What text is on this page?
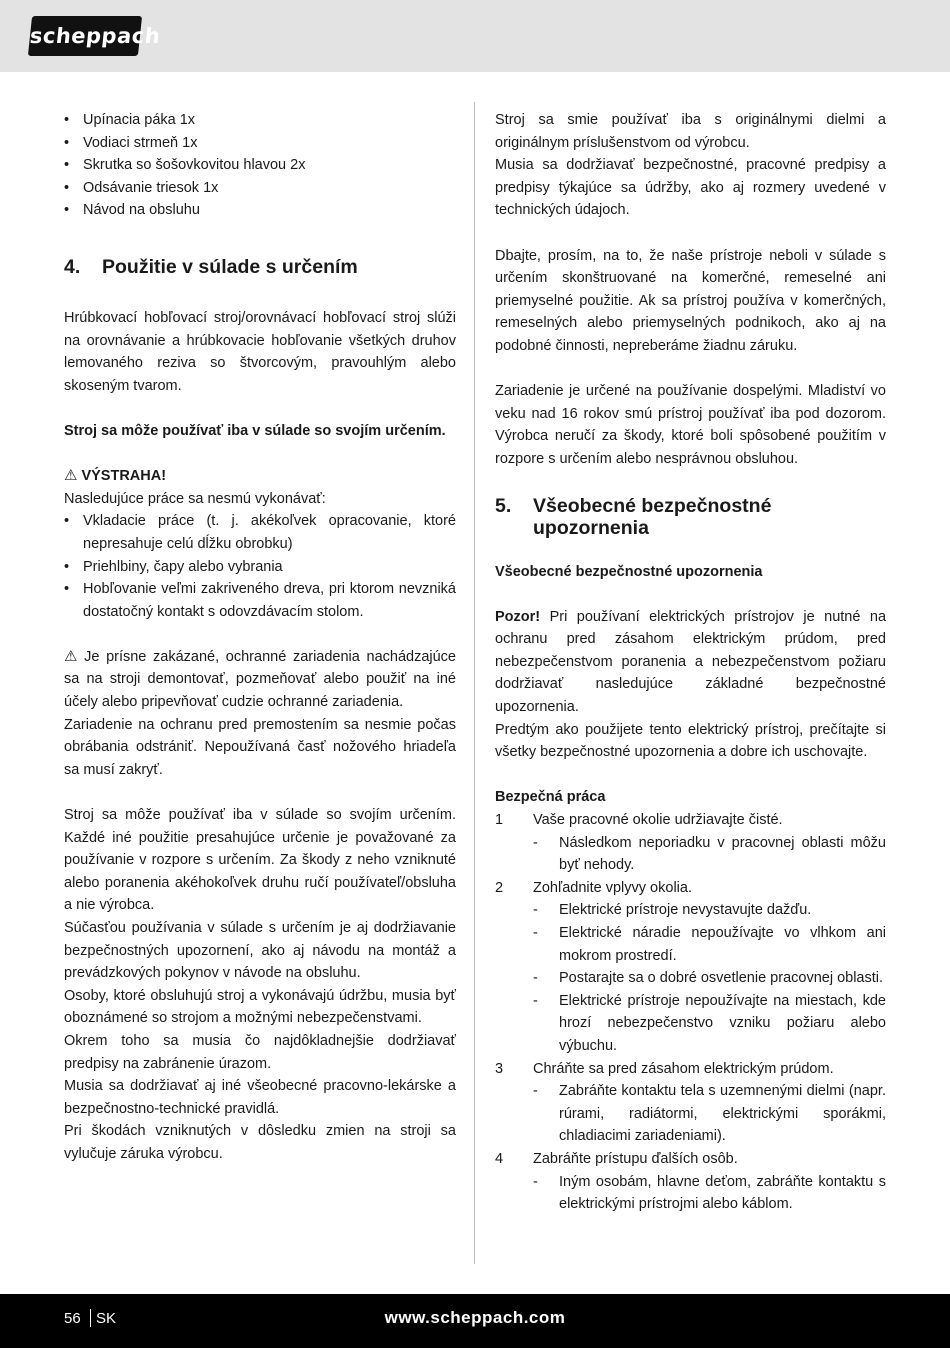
scheppach
• Upínacia páka 1x
• Vodiaci strmeň 1x
• Skrutka so šošovkovitou hlavou 2x
• Odsávanie triesok 1x
• Návod na obsluhu
4.	Použitie v súlade s určením

Hrúbkovací hobľovací stroj/orovnávací hobľovací stroj slúži na orovnávanie a hrúbkovacie hobľovanie všetkých druhov lemovaného reziva so štvorcovým, pravouhlým alebo skoseným tvarom.

Stroj sa môže používať iba v súlade so svojím určením.

⚠ VÝSTRAHA!

Nasledujúce práce sa nesmú vykonávať:

• Vkladacie práce (t. j. akékoľvek opracovanie, ktoré nepresahuje celú dĺžku obrobku)
• Priehlbiny, čapy alebo vybrania
• Hobľovanie veľmi zakriveného dreva, pri ktorom nevzniká dostatočný kontakt s odovzdávacím stolom.

⚠ Je prísne zakázané, ochranné zariadenia nachádzajúce sa na stroji demontovať, pozmeňovať alebo použiť na iné účely alebo pripevňovať cudzie ochranné zariadenia.

Zariadenie na ochranu pred premostením sa nesmie počas obrábania odstrániť. Nepoužívaná časť nožového hriadeľa sa musí zakryť.

Stroj sa môže používať iba v súlade so svojím určením. Každé iné použitie presahujúce určenie je považované za používanie v rozpore s určením. Za škody z neho vzniknuté alebo poranenia akéhokoľvek druhu ručí používateľ/obsluha a nie výrobca.

Súčasťou používania v súlade s určením je aj dodržiavanie bezpečnostných upozornení, ako aj návodu na montáž a prevádzkových pokynov v návode na obsluhu.

Osoby, ktoré obsluhujú stroj a vykonávajú údržbu, musia byť oboznámené so strojom a možnými nebezpečenstvami.

Okrem toho sa musia čo najdôkladnejšie dodržiavať predpisy na zabránenie úrazom.

Musia sa dodržiavať aj iné všeobecné pracovno-lekárske a bezpečnostno-technické pravidlá.

Pri škodách vzniknutých v dôsledku zmien na stroji sa vylučuje záruka výrobcu.

Stroj sa smie používať iba s originálnymi dielmi a originálnym príslušenstvom od výrobcu.

Musia sa dodržiavať bezpečnostné, pracovné predpisy a predpisy týkajúce sa údržby, ako aj rozmery uvedené v technických údajoch.

Dbajte, prosím, na to, že naše prístroje neboli v súlade s určením skonštruované na komerčné, remeselné ani priemyselné použitie. Ak sa prístroj používa v komerčných, remeselných alebo priemyselných podnikoch, ako aj na podobné činnosti, nepreberáme žiadnu záruku.

Zariadenie je určené na používanie dospelými. Mladiství vo veku nad 16 rokov smú prístroj používať iba pod dozorom. Výrobca neručí za škody, ktoré boli spôsobené použitím v rozpore s určením alebo nesprávnou obsluhou.

5.	Všeobecné bezpečnostné upozornenia

Všeobecné bezpečnostné upozornenia

Pozor! Pri používaní elektrických prístrojov je nutné na ochranu pred zásahom elektrickým prúdom, pred nebezpečenstvom poranenia a nebezpečenstvom požiaru dodržiavať nasledujúce základné bezpečnostné upozornenia.

Predtým ako použijete tento elektrický prístroj, prečítajte si všetky bezpečnostné upozornenia a dobre ich uschovajte.

Bezpečná práca

1	Vaše pracovné okolie udržiavajte čisté.
-	Následkom neporiadku v pracovnej oblasti môžu byť nehody.
2	Zohľadnite vplyvy okolia.
-	Elektrické prístroje nevystavujte dažďu.
-	Elektrické náradie nepoužívajte vo vlhkom ani mokrom prostredí.
-	Postarajte sa o dobré osvetlenie pracovnej oblasti.
-	Elektrické prístroje nepoužívajte na miestach, kde hrozí nebezpečenstvo vzniku požiaru alebo výbuchu.
3	Chráňte sa pred zásahom elektrickým prúdom.
-	Zabráňte kontaktu tela s uzemnenými dielmi (napr. rúrami, radiátormi, elektrickými sporákmi, chladiacimi zariadeniami).
4	Zabráňte prístupu ďalších osôb.
-	Iným osobám, hlavne deťom, zabráňte kontaktu s elektrickými prístrojmi alebo káblom.
56 SK	www.scheppach.com
